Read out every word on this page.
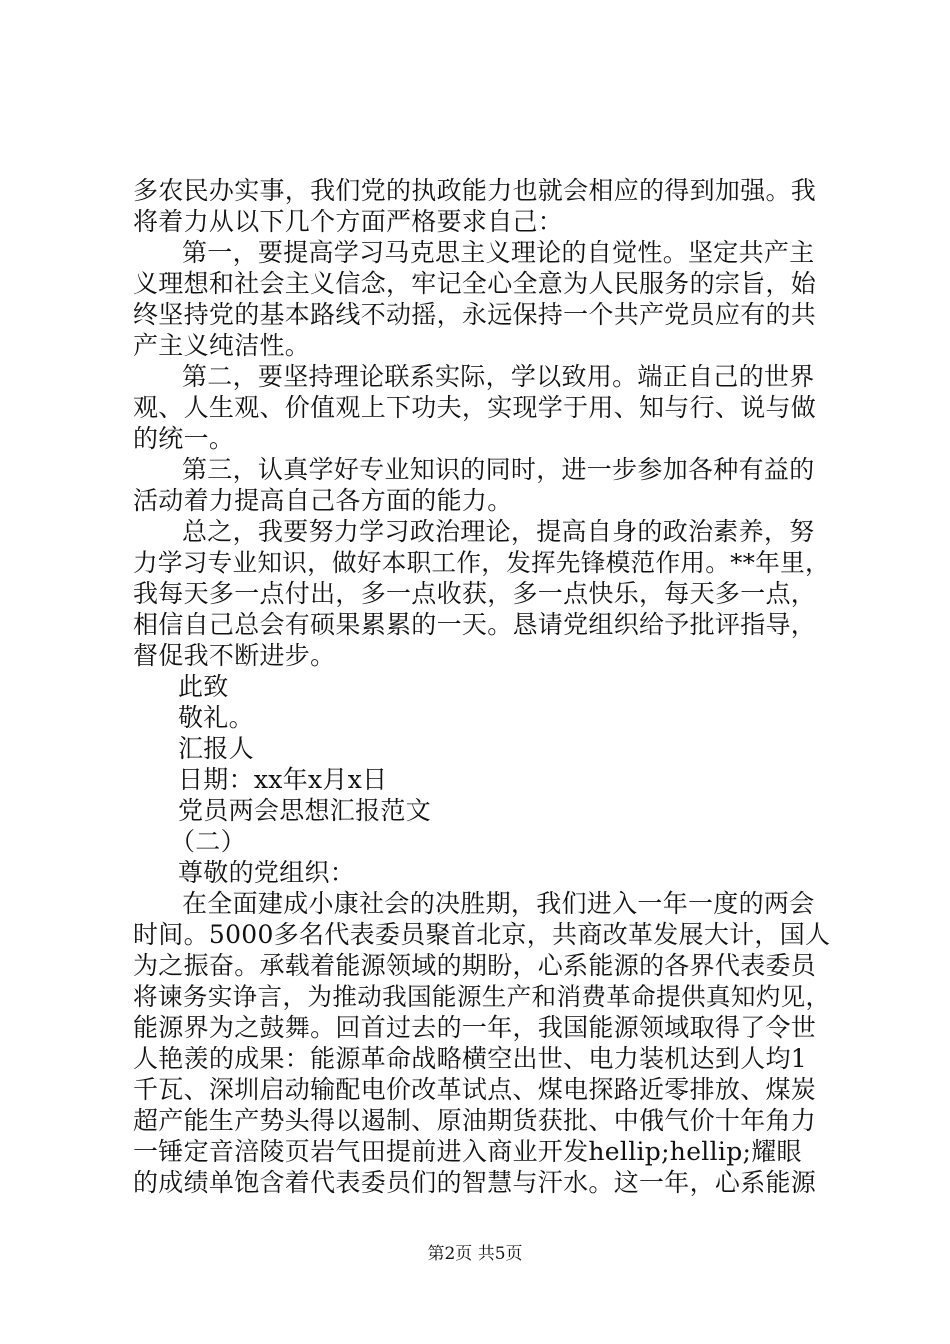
多农民办实事，我们党的执政能力也就会相应的得到加强。我
将着力从以下几个方面严格要求自己：
第一，要提高学习马克思主义理论的自觉性。坚定共产主
义理想和社会主义信念，牢记全心全意为人民服务的宗旨，始
终坚持党的基本路线不动摇，永远保持一个共产党员应有的共
产主义纯洁性。
第二，要坚持理论联系实际，学以致用。端正自己的世界
观、人生观、价值观上下功夫，实现学于用、知与行、说与做
的统一。
第三，认真学好专业知识的同时，进一步参加各种有益的
活动着力提高自己各方面的能力。
总之，我要努力学习政治理论，提高自身的政治素养，努
力学习专业知识，做好本职工作，发挥先锋模范作用。**年里，
我每天多一点付出，多一点收获，多一点快乐，每天多一点，
相信自己总会有硕果累累的一天。恳请党组织给予批评指导，
督促我不断进步。
此致
敬礼。
汇报人
日期：xx年x月x日
党员两会思想汇报范文
（二）
尊敬的党组织：
在全面建成小康社会的决胜期，我们进入一年一度的两会
时间。5000多名代表委员聚首北京，共商改革发展大计，国人
为之振奋。承载着能源领域的期盼，心系能源的各界代表委员
将谏务实诤言，为推动我国能源生产和消费革命提供真知灼见，
能源界为之鼓舞。回首过去的一年，我国能源领域取得了令世
人艳羡的成果：能源革命战略横空出世、电力装机达到人均1
千瓦、深圳启动输配电价改革试点、煤电探路近零排放、煤炭
超产能生产势头得以遏制、原油期货获批、中俄气价十年角力
一锤定音涪陵页岩气田提前进入商业开发hellip;hellip;耀眼
的成绩单饱含着代表委员们的智慧与汗水。这一年，心系能源
第2页 共5页
